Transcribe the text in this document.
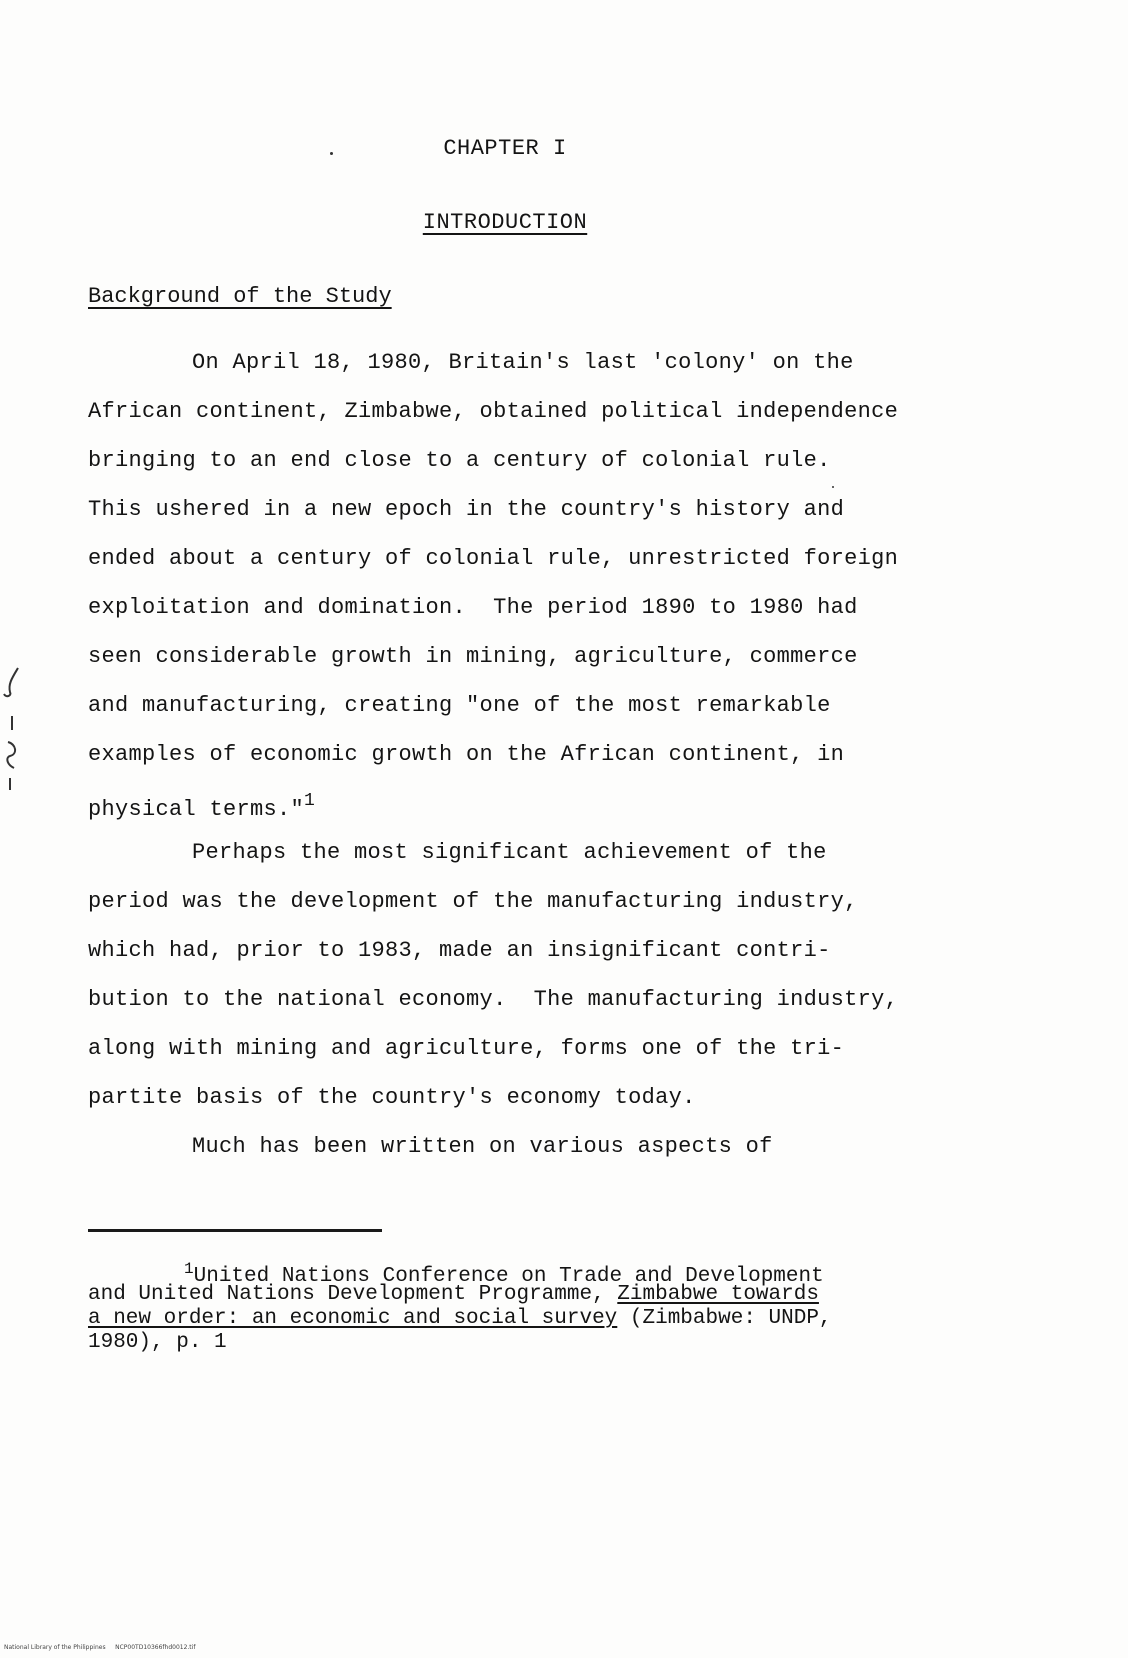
CHAPTER I
INTRODUCTION
Background of the Study
On April 18, 1980, Britain's last 'colony' on the
African continent, Zimbabwe, obtained political independence
bringing to an end close to a century of colonial rule.
This ushered in a new epoch in the country's history and
ended about a century of colonial rule, unrestricted foreign
exploitation and domination.  The period 1890 to 1980 had
seen considerable growth in mining, agriculture, commerce
and manufacturing, creating "one of the most remarkable
examples of economic growth on the African continent, in
physical terms."$^1$
Perhaps the most significant achievement of the
period was the development of the manufacturing industry,
which had, prior to 1983, made an insignificant contri-
bution to the national economy.  The manufacturing industry,
along with mining and agriculture, forms one of the tri-
partite basis of the country's economy today.
Much has been written on various aspects of
$^1$United Nations Conference on Trade and Development
and United Nations Development Programme, Zimbabwe towards
a new order: an economic and social survey (Zimbabwe: UNDP,
1980), p. 1
National Library of the Philippines     NCP00TD10366fhd0012.tif
